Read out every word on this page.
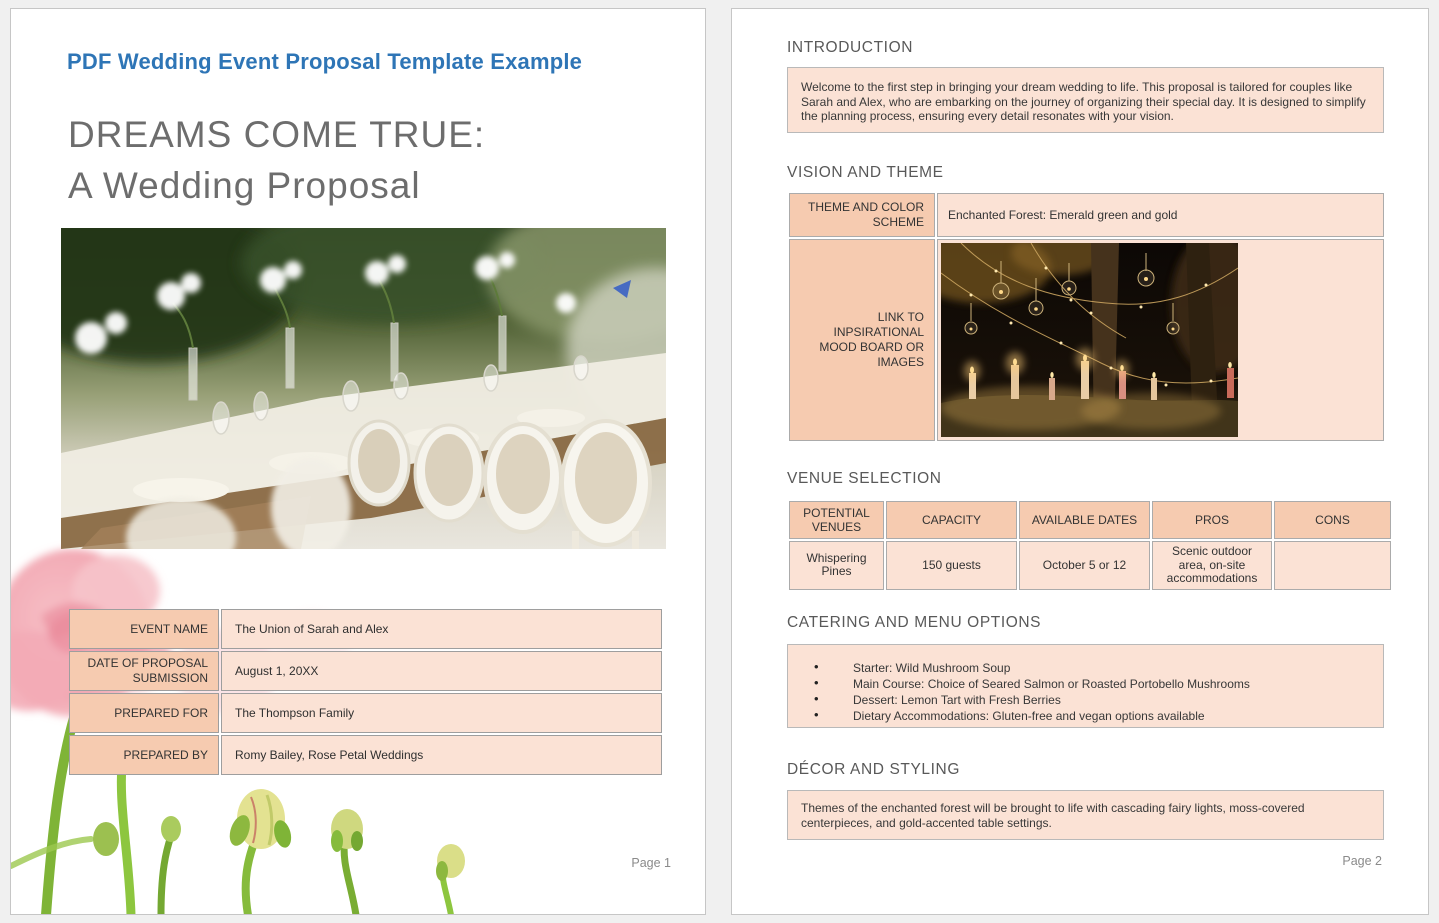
PDF Wedding Event Proposal Template Example
DREAMS COME TRUE:
A Wedding Proposal
EVENT NAME	The Union of Sarah and Alex
DATE OF PROPOSAL SUBMISSION	August 1, 20XX
PREPARED FOR	The Thompson Family
PREPARED BY	Romy Bailey, Rose Petal Weddings
Page 1
INTRODUCTION
Welcome to the first step in bringing your dream wedding to life. This proposal is tailored for couples like Sarah and Alex, who are embarking on the journey of organizing their special day. It is designed to simplify the planning process, ensuring every detail resonates with your vision.
VISION AND THEME
THEME AND COLOR SCHEME	Enchanted Forest: Emerald green and gold
LINK TO INPSIRATIONAL MOOD BOARD OR IMAGES	
VENUE SELECTION
POTENTIAL VENUES	CAPACITY	AVAILABLE DATES	PROS	CONS
Whispering Pines	150 guests	October 5 or 12	Scenic outdoor area, on-site accommodations	
CATERING AND MENU OPTIONS
• Starter: Wild Mushroom Soup
• Main Course: Choice of Seared Salmon or Roasted Portobello Mushrooms
• Dessert: Lemon Tart with Fresh Berries
• Dietary Accommodations: Gluten-free and vegan options available
DÉCOR AND STYLING
Themes of the enchanted forest will be brought to life with cascading fairy lights, moss-covered centerpieces, and gold-accented table settings.
Page 2
